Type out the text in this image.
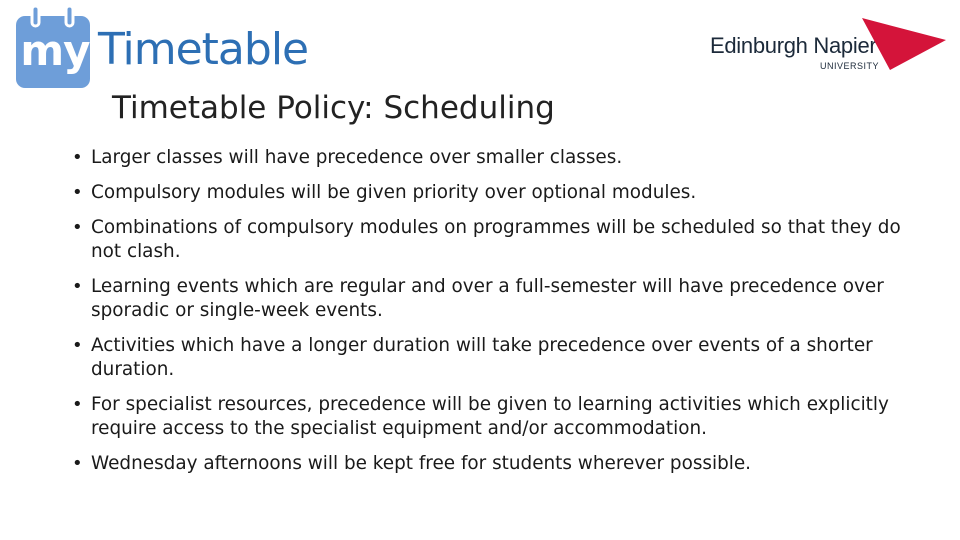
my Timetable	Edinburgh Napier
UNIVERSITY
Timetable Policy: Scheduling
• Larger classes will have precedence over smaller classes.
• Compulsory modules will be given priority over optional modules.
• Combinations of compulsory modules on programmes will be scheduled so that they do not clash.
• Learning events which are regular and over a full-semester will have precedence over sporadic or single-week events.
• Activities which have a longer duration will take precedence over events of a shorter duration.
• For specialist resources, precedence will be given to learning activities which explicitly require access to the specialist equipment and/or accommodation.
• Wednesday afternoons will be kept free for students wherever possible.
